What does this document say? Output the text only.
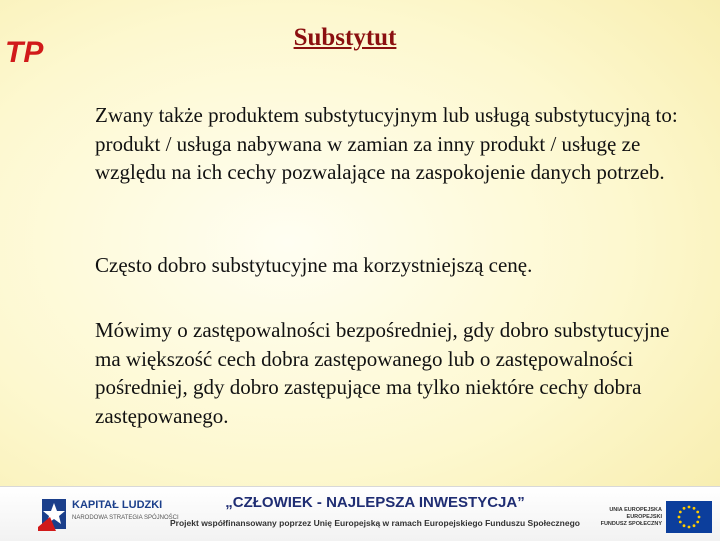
TP	Substytut

Zwany także produktem substytucyjnym lub usługą substytucyjną to: produkt / usługa nabywana w zamian za inny produkt / usługę ze względu na ich cechy pozwalające na zaspokojenie danych potrzeb.

Często dobro substytucyjne ma korzystniejszą cenę.

Mówimy o zastępowalności bezpośredniej, gdy dobro substytucyjne ma większość cech dobra zastępowanego lub o zastępowalności pośredniej, gdy dobro zastępujące ma tylko niektóre cechy dobra zastępowanego.

KAPITAŁ LUDZKI
NARODOWA STRATEGIA SPÓJNOŚCI
„CZŁOWIEK - NAJLEPSZA INWESTYCJA”
Projekt współfinansowany poprzez Unię Europejską w ramach Europejskiego Funduszu Społecznego
UNIA EUROPEJSKA
EUROPEJSKI
FUNDUSZ SPOŁECZNY
